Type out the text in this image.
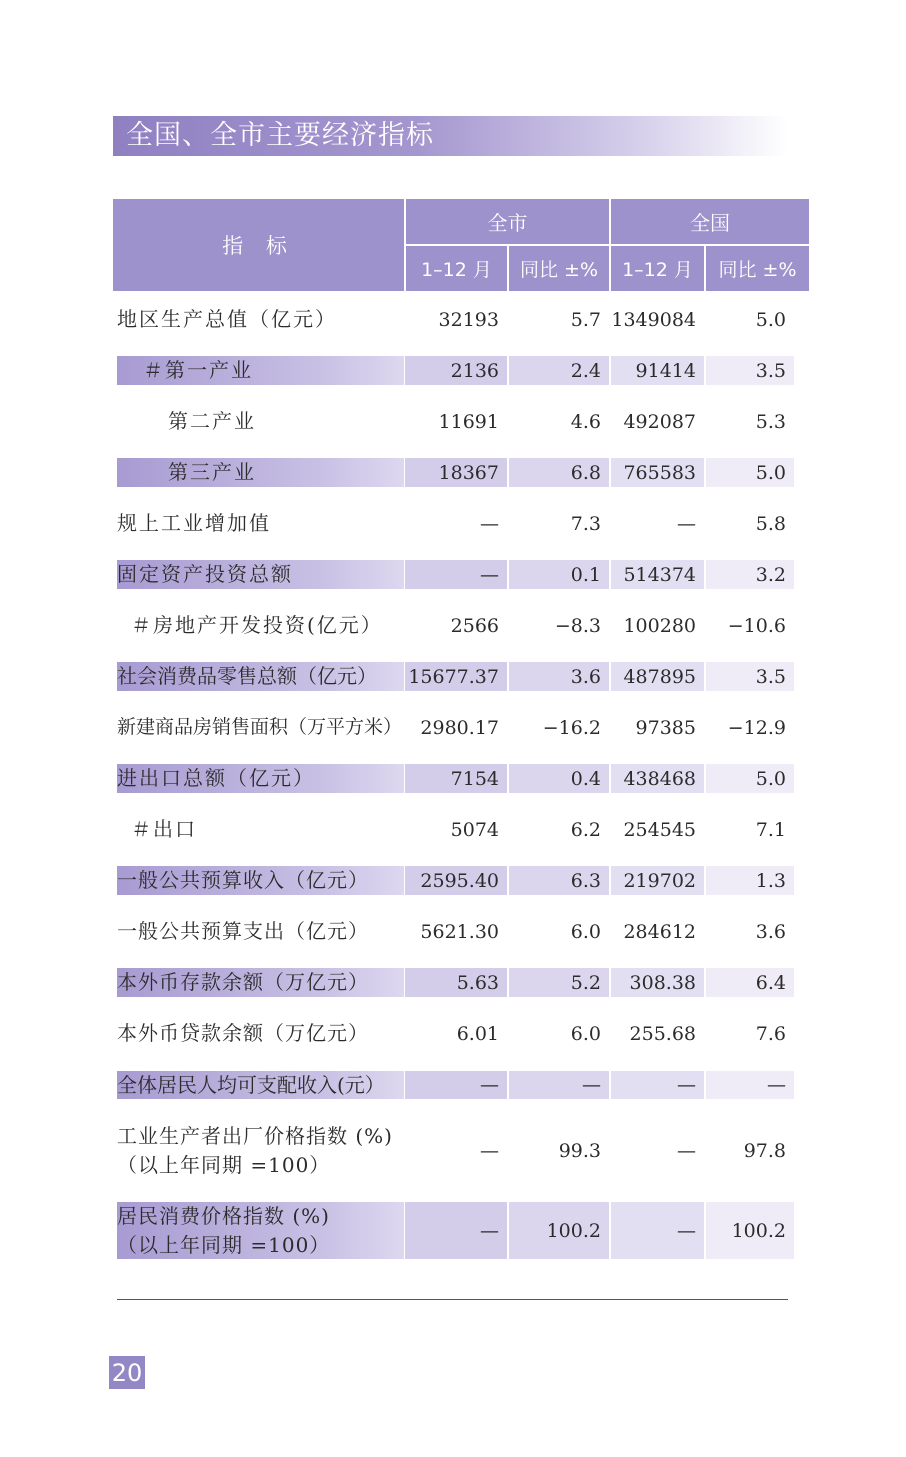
全国、全市主要经济指标
指 标
全市	全国
1–12 月 同比 ±% 1–12 月 同比 ±%
地区生产总值（亿元）	32193	5.7 1349084	5.0
＃第一产业	2136	2.4	91414	3.5
第二产业	11691	4.6	492087	5.3
第三产业	18367	6.8	765583	5.0
规上工业增加值	—	7.3	—	5.8
固定资产投资总额	—	0.1	514374	3.2
＃房地产开发投资(亿元）	2566	−8.3	100280	−10.6
社会消费品零售总额（亿元）	15677.37	3.6	487895	3.5
新建商品房销售面积（万平方米） 2980.17	−16.2	97385	−12.9
进出口总额（亿元）	7154	0.4	438468	5.0
＃出口	5074	6.2	254545	7.1
一般公共预算收入（亿元）	2595.40	6.3	219702	1.3
一般公共预算支出（亿元）	5621.30	6.0	284612	3.6
本外币存款余额（万亿元）	5.63	5.2	308.38	6.4
本外币贷款余额（万亿元）	6.01	6.0	255.68	7.6
全体居民人均可支配收入(元）	—	—	—	—
工业生产者出厂价格指数 (%)
（以上年同期 =100）
—	99.3	—	97.8
居民消费价格指数 (%)
（以上年同期 =100）
—	100.2	—	100.2
20
